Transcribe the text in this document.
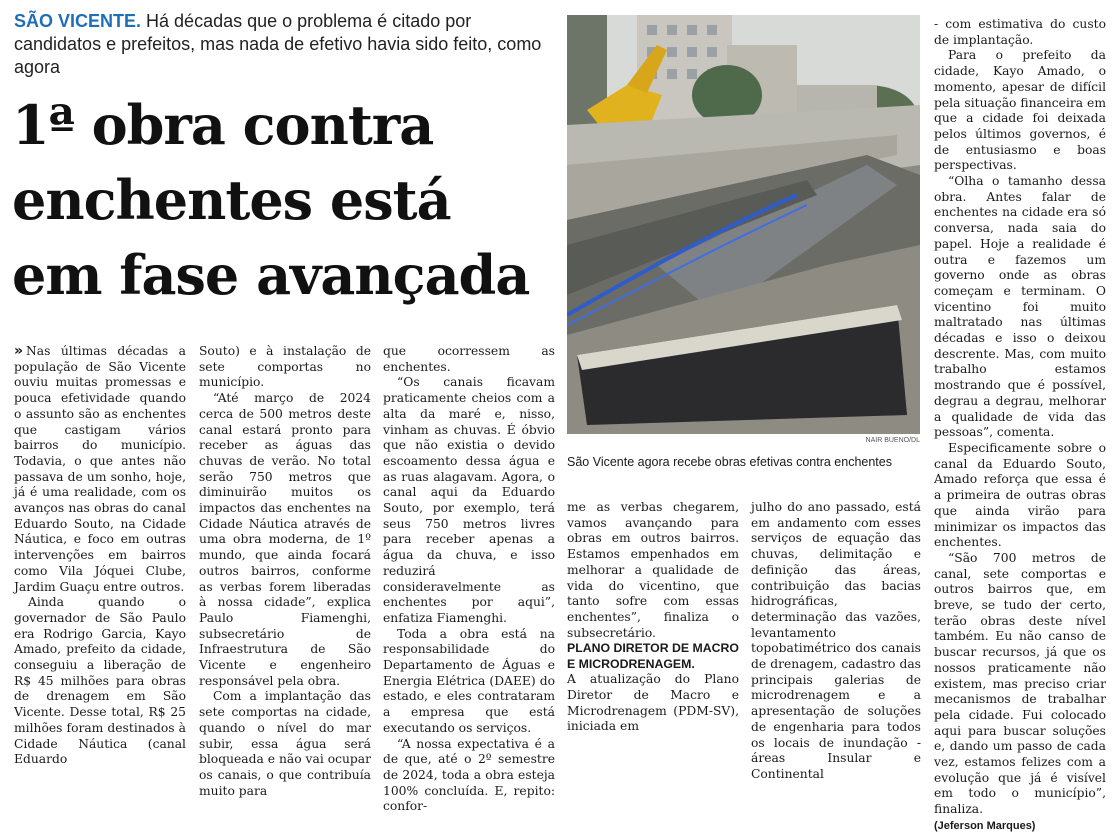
SÃO VICENTE. Há décadas que o problema é citado por candidatos e prefeitos, mas nada de efetivo havia sido feito, como agora
1ª obra contra
enchentes está
em fase avançada

» Nas últimas décadas a população de São Vicente ouviu muitas promessas e pouca efetividade quando o assunto são as enchentes que castigam vários bairros do município. Todavia, o que antes não passava de um sonho, hoje, já é uma realidade, com os avanços nas obras do canal Eduardo Souto, na Cidade Náutica, e foco em outras intervenções em bairros como Vila Jóquei Clube, Jardim Guaçu entre outros.

Ainda quando o governador de São Paulo era Rodrigo Garcia, Kayo Amado, prefeito da cidade, conseguiu a liberação de R$ 45 milhões para obras de drenagem em São Vicente. Desse total, R$ 25 milhões foram destinados à Cidade Náutica (canal Eduardo

Souto) e à instalação de sete comportas no município.

“Até março de 2024 cerca de 500 metros deste canal estará pronto para receber as águas das chuvas de verão. No total serão 750 metros que diminuirão muitos os impactos das enchentes na Cidade Náutica através de uma obra moderna, de 1º mundo, que ainda focará outros bairros, conforme as verbas forem liberadas à nossa cidade”, explica Paulo Fiamenghi, subsecretário de Infraestrutura de São Vicente e engenheiro responsável pela obra.

Com a implantação das sete comportas na cidade, quando o nível do mar subir, essa água será bloqueada e não vai ocupar os canais, o que contribuía muito para

que ocorressem as enchentes.

“Os canais ficavam praticamente cheios com a alta da maré e, nisso, vinham as chuvas. É óbvio que não existia o devido escoamento dessa água e as ruas alagavam. Agora, o canal aqui da Eduardo Souto, por exemplo, terá seus 750 metros livres para receber apenas a água da chuva, e isso reduzirá consideravelmente as enchentes por aqui”, enfatiza Fiamenghi.

Toda a obra está na responsabilidade do Departamento de Águas e Energia Elétrica (DAEE) do estado, e eles contrataram a empresa que está executando os serviços.

“A nossa expectativa é a de que, até o 2º semestre de 2024, toda a obra esteja 100% concluída. E, repito: confor-

NAIR BUENO/DL
São Vicente agora recebe obras efetivas contra enchentes

me as verbas chegarem, vamos avançando para obras em outros bairros. Estamos empenhados em melhorar a qualidade de vida do vicentino, que tanto sofre com essas enchentes”, finaliza o subsecretário.

PLANO DIRETOR DE MACRO E MICRODRENAGEM.

A atualização do Plano Diretor de Macro e Microdrenagem (PDM-SV), iniciada em

julho do ano passado, está em andamento com esses serviços de equação das chuvas, delimitação e definição das áreas, contribuição das bacias hidrográficas, determinação das vazões, levantamento topobatimétrico dos canais de drenagem, cadastro das principais galerias de microdrenagem e a apresentação de soluções de engenharia para todos os locais de inundação - áreas Insular e Continental

- com estimativa do custo de implantação.

Para o prefeito da cidade, Kayo Amado, o momento, apesar de difícil pela situação financeira em que a cidade foi deixada pelos últimos governos, é de entusiasmo e boas perspectivas.

“Olha o tamanho dessa obra. Antes falar de enchentes na cidade era só conversa, nada saia do papel. Hoje a realidade é outra e fazemos um governo onde as obras começam e terminam. O vicentino foi muito maltratado nas últimas décadas e isso o deixou descrente. Mas, com muito trabalho estamos mostrando que é possível, degrau a degrau, melhorar a qualidade de vida das pessoas”, comenta.

Especificamente sobre o canal da Eduardo Souto, Amado reforça que essa é a primeira de outras obras que ainda virão para minimizar os impactos das enchentes.

“São 700 metros de canal, sete comportas e outros bairros que, em breve, se tudo der certo, terão obras deste nível também. Eu não canso de buscar recursos, já que os nossos praticamente não existem, mas preciso criar mecanismos de trabalhar pela cidade. Fui colocado aqui para buscar soluções e, dando um passo de cada vez, estamos felizes com a evolução que já é visível em todo o município”, finaliza.

(Jeferson Marques)
